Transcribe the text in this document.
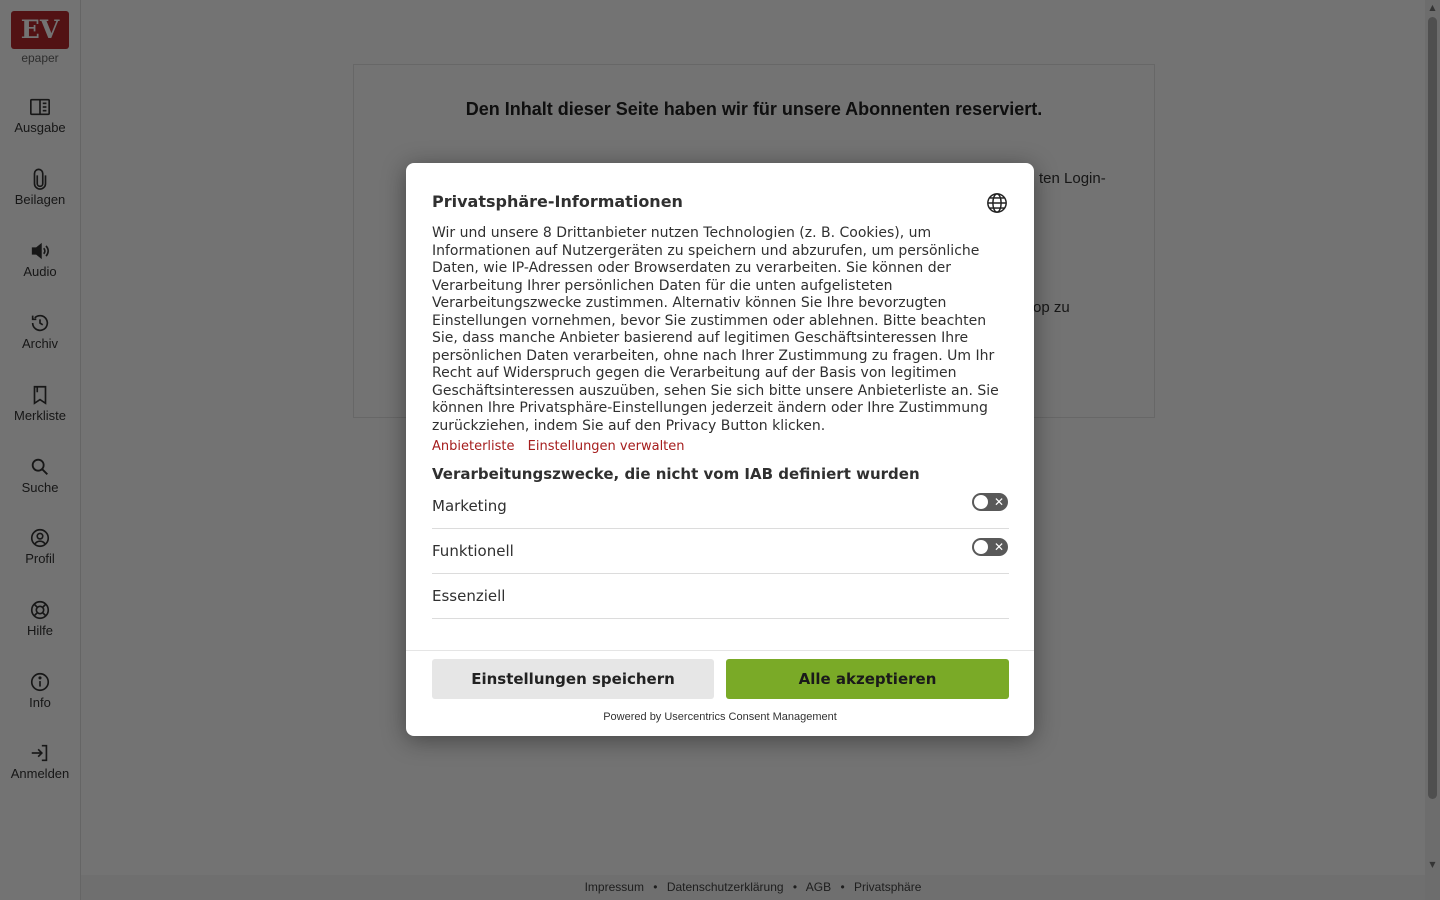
Privatsphäre-Informationen

Wir und unsere 8 Drittanbieter nutzen Technologien (z. B. Cookies), um Informationen auf Nutzergeräten zu speichern und abzurufen, um persönliche Daten, wie IP-Adressen oder Browserdaten zu verarbeiten. Sie können der Verarbeitung Ihrer persönlichen Daten für die unten aufgelisteten Verarbeitungszwecke zustimmen. Alternativ können Sie Ihre bevorzugten Einstellungen vornehmen, bevor Sie zustimmen oder ablehnen. Bitte beachten Sie, dass manche Anbieter basierend auf legitimen Geschäftsinteressen Ihre persönlichen Daten verarbeiten, ohne nach Ihrer Zustimmung zu fragen. Um Ihr Recht auf Widerspruch gegen die Verarbeitung auf der Basis von legitimen Geschäftsinteressen auszuüben, sehen Sie sich bitte unsere Anbieterliste an. Sie können Ihre Privatsphäre-Einstellungen jederzeit ändern oder Ihre Zustimmung zurückziehen, indem Sie auf den Privacy Button klicken.

Anbieterliste Einstellungen verwalten
Verarbeitungszwecke, die nicht vom IAB definiert wurden
Marketing	✕
Funktionell	✕
Essenziell
Einstellungen speichern	Alle akzeptieren
Powered by Usercentrics Consent Management
